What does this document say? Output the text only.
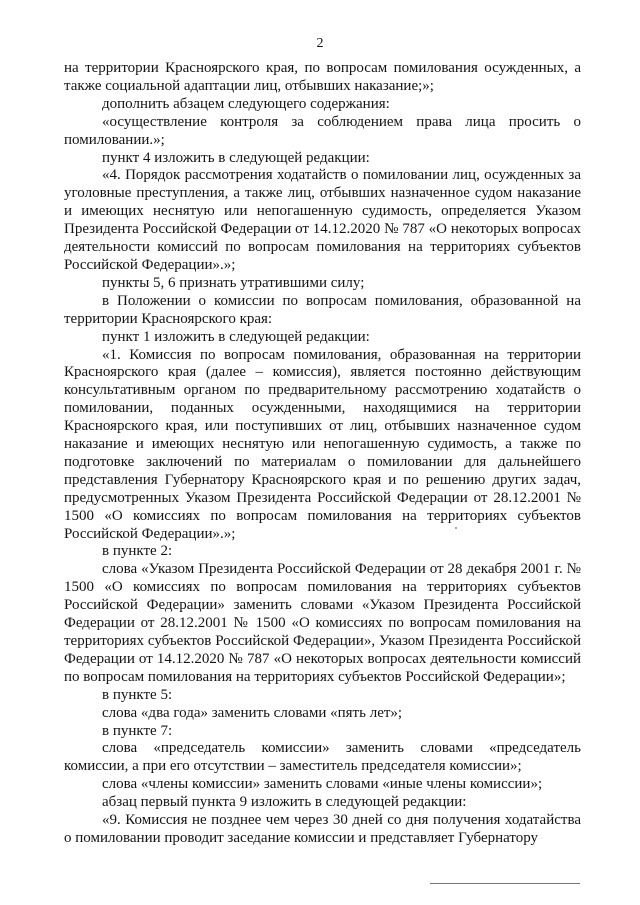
2

на территории Красноярского края, по вопросам помилования осужденных, а также социальной адаптации лиц, отбывших наказание;»;

дополнить абзацем следующего содержания:

«осуществление контроля за соблюдением права лица просить о помиловании.»;

пункт 4 изложить в следующей редакции:

«4. Порядок рассмотрения ходатайств о помиловании лиц, осужденных за уголовные преступления, а также лиц, отбывших назначенное судом наказание и имеющих неснятую или непогашенную судимость, определяется Указом Президента Российской Федерации от 14.12.2020 № 787 «О некоторых вопросах деятельности комиссий по вопросам помилования на территориях субъектов Российской Федерации».»;

пункты 5, 6 признать утратившими силу;

в Положении о комиссии по вопросам помилования, образованной на территории Красноярского края:

пункт 1 изложить в следующей редакции:

«1. Комиссия по вопросам помилования, образованная на территории Красноярского края (далее – комиссия), является постоянно действующим консультативным органом по предварительному рассмотрению ходатайств о помиловании, поданных осужденными, находящимися на территории Красноярского края, или поступивших от лиц, отбывших назначенное судом наказание и имеющих неснятую или непогашенную судимость, а также по подготовке заключений по материалам о помиловании для дальнейшего представления Губернатору Красноярского края и по решению других задач, предусмотренных Указом Президента Российской Федерации от 28.12.2001 № 1500 «О комиссиях по вопросам помилования на территориях субъектов Российской Федерации».»;

в пункте 2:

слова «Указом Президента Российской Федерации от 28 декабря 2001 г. № 1500 «О комиссиях по вопросам помилования на территориях субъектов Российской Федерации» заменить словами «Указом Президента Российской Федерации от 28.12.2001 № 1500 «О комиссиях по вопросам помилования на территориях субъектов Российской Федерации», Указом Президента Российской Федерации от 14.12.2020 № 787 «О некоторых вопросах деятельности комиссий по вопросам помилования на территориях субъектов Российской Федерации»;

в пункте 5:

слова «два года» заменить словами «пять лет»;

в пункте 7:

слова «председатель комиссии» заменить словами «председатель комиссии, а при его отсутствии – заместитель председателя комиссии»;

слова «члены комиссии» заменить словами «иные члены комиссии»;

абзац первый пункта 9 изложить в следующей редакции:

«9. Комиссия не позднее чем через 30 дней со дня получения ходатайства о помиловании проводит заседание комиссии и представляет Губернатору
